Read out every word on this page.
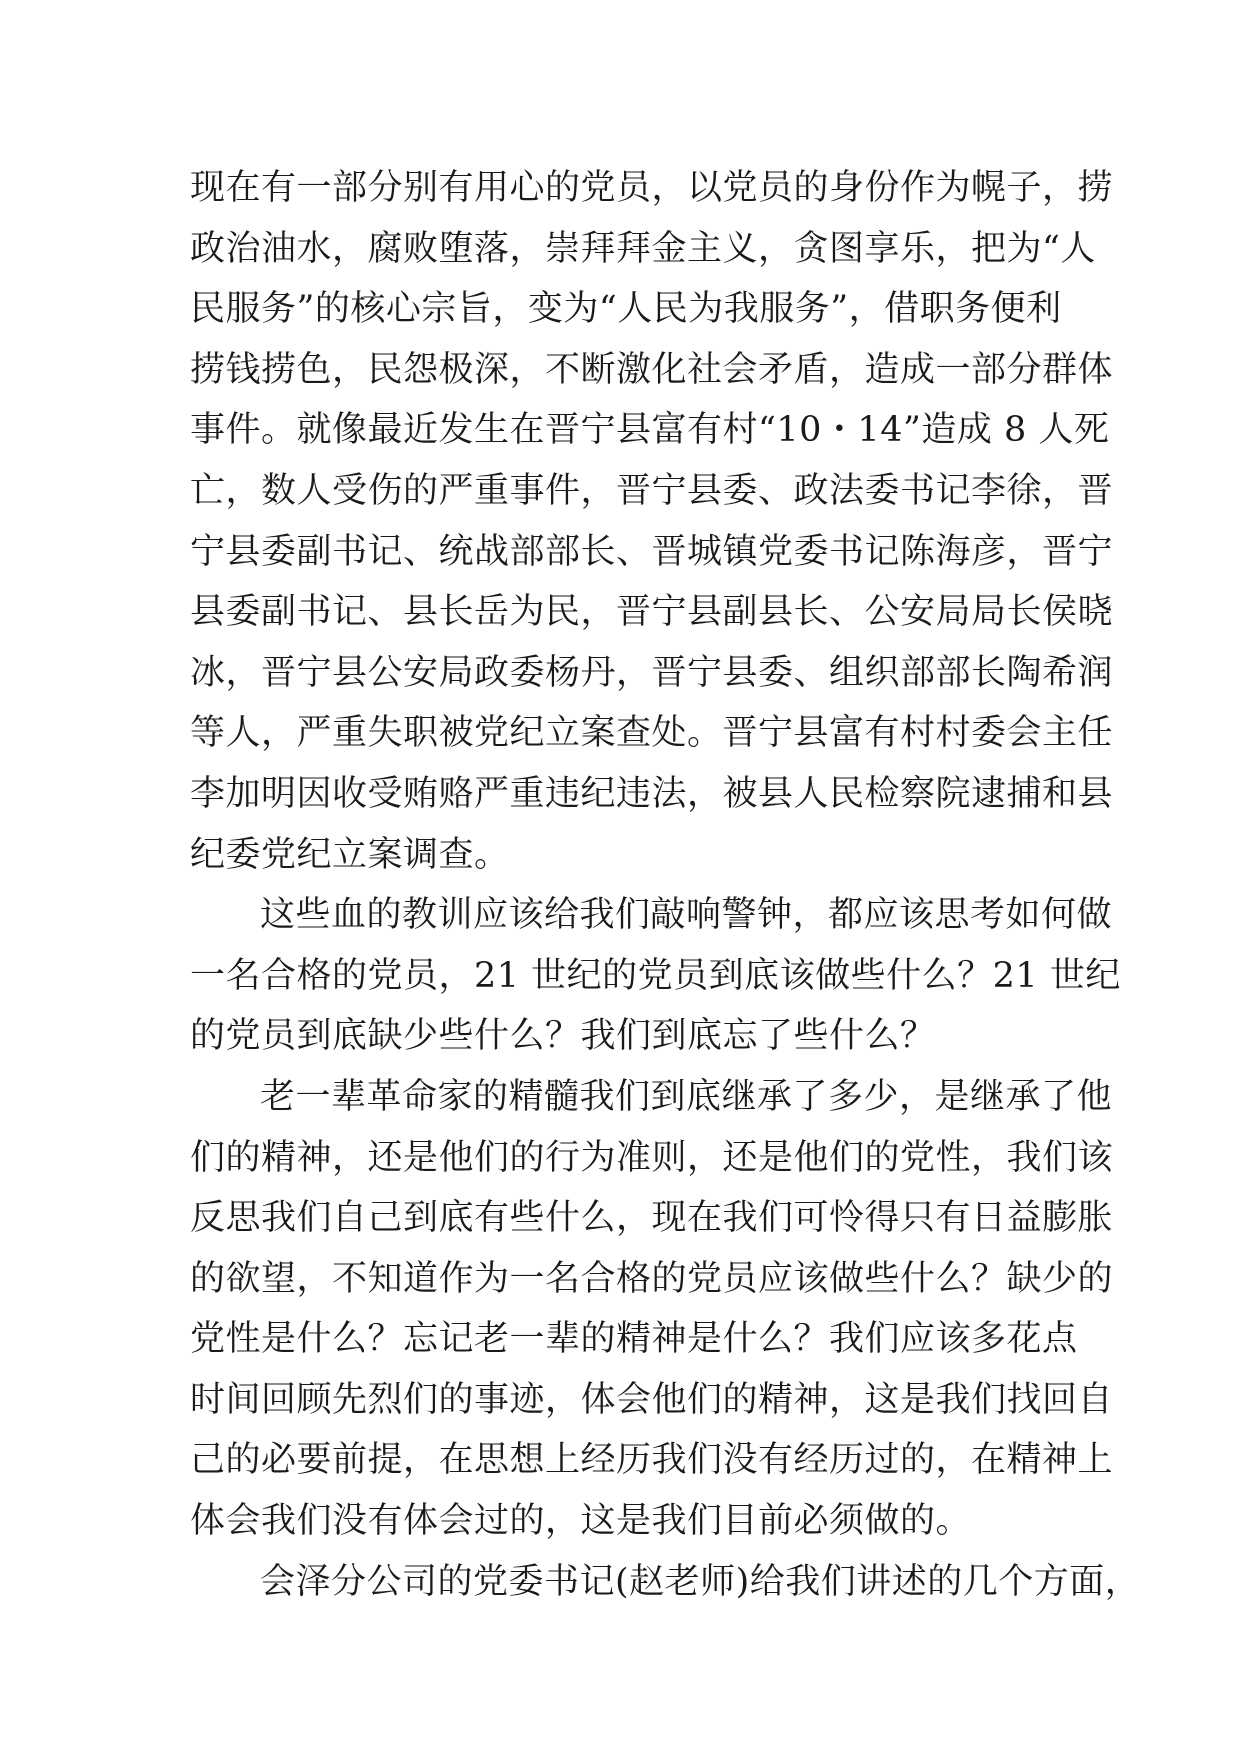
现在有一部分别有用心的党员，以党员的身份作为幌子，捞
政治油水，腐败堕落，崇拜拜金主义，贪图享乐，把为“人
民服务”的核心宗旨，变为“人民为我服务”，借职务便利
捞钱捞色，民怨极深，不断激化社会矛盾，造成一部分群体
事件。就像最近发生在晋宁县富有村“10・14”造成 8 人死
亡，数人受伤的严重事件，晋宁县委、政法委书记李徐，晋
宁县委副书记、统战部部长、晋城镇党委书记陈海彦，晋宁
县委副书记、县长岳为民，晋宁县副县长、公安局局长侯晓
冰，晋宁县公安局政委杨丹，晋宁县委、组织部部长陶希润
等人，严重失职被党纪立案查处。晋宁县富有村村委会主任
李加明因收受贿赂严重违纪违法，被县人民检察院逮捕和县
纪委党纪立案调查。
这些血的教训应该给我们敲响警钟，都应该思考如何做
一名合格的党员，21 世纪的党员到底该做些什么？21 世纪
的党员到底缺少些什么？我们到底忘了些什么？
老一辈革命家的精髓我们到底继承了多少，是继承了他
们的精神，还是他们的行为准则，还是他们的党性，我们该
反思我们自己到底有些什么，现在我们可怜得只有日益膨胀
的欲望，不知道作为一名合格的党员应该做些什么？缺少的
党性是什么？忘记老一辈的精神是什么？我们应该多花点
时间回顾先烈们的事迹，体会他们的精神，这是我们找回自
己的必要前提，在思想上经历我们没有经历过的，在精神上
体会我们没有体会过的，这是我们目前必须做的。
会泽分公司的党委书记(赵老师)给我们讲述的几个方面，
